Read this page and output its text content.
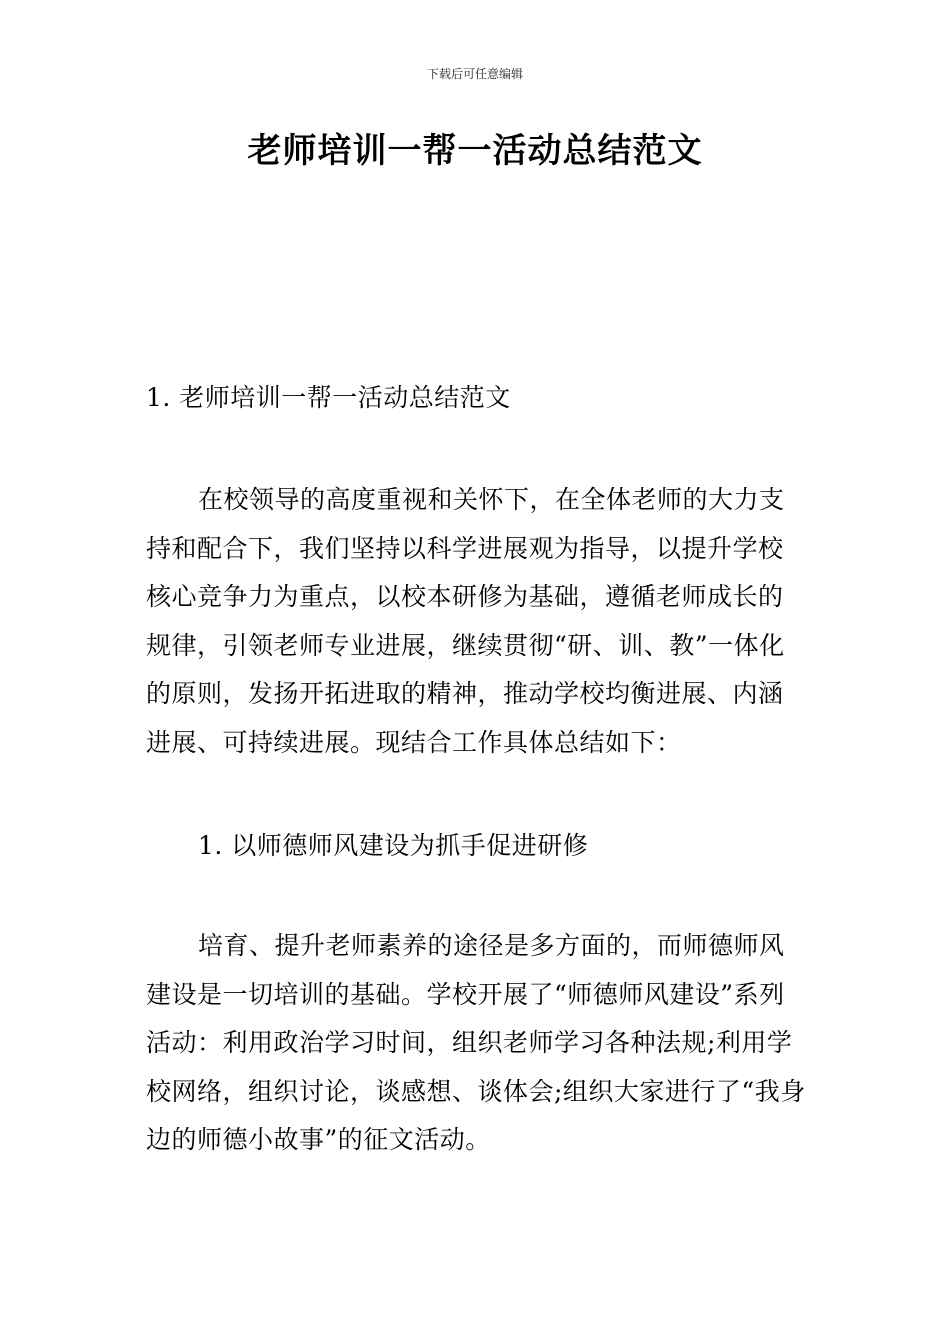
下载后可任意编辑
老师培训一帮一活动总结范文
1. 老师培训一帮一活动总结范文

在校领导的高度重视和关怀下，在全体老师的大力支持和配合下，我们坚持以科学进展观为指导，以提升学校核心竞争力为重点，以校本研修为基础，遵循老师成长的规律，引领老师专业进展，继续贯彻“研、训、教”一体化的原则，发扬开拓进取的精神，推动学校均衡进展、内涵进展、可持续进展。现结合工作具体总结如下：

1. 以师德师风建设为抓手促进研修

培育、提升老师素养的途径是多方面的，而师德师风建设是一切培训的基础。学校开展了“师德师风建设”系列活动：利用政治学习时间，组织老师学习各种法规;利用学校网络，组织讨论，谈感想、谈体会;组织大家进行了“我身边的师德小故事”的征文活动。
